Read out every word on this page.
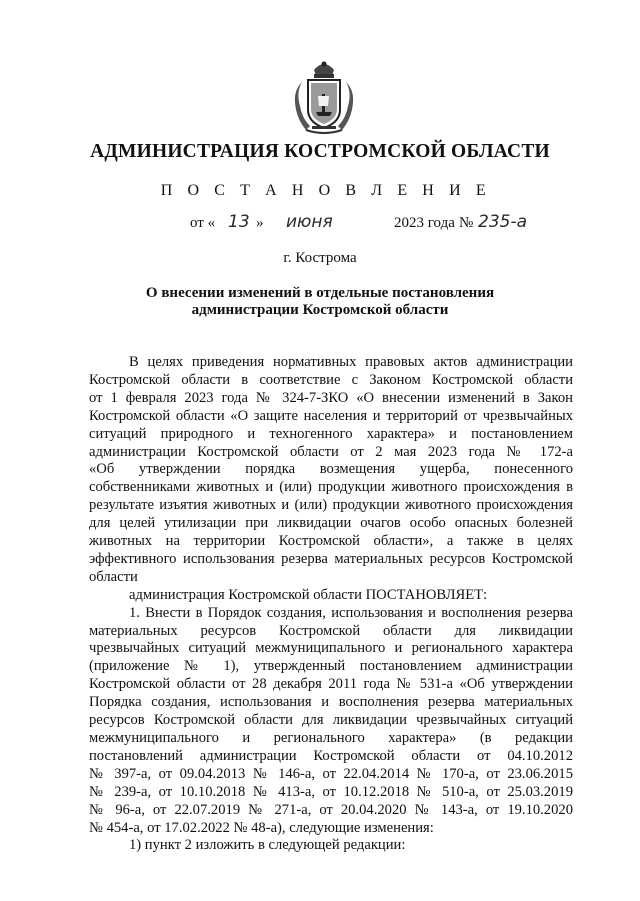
АДМИНИСТРАЦИЯ КОСТРОМСКОЙ ОБЛАСТИ
П О С Т А Н О В Л Е Н И Е
от « 13 » июня	2023 года № 235-а
г. Кострома
О внесении изменений в отдельные постановления
администрации Костромской области
В целях приведения нормативных правовых актов администрации
Костромской области в соответствие с Законом Костромской области
от 1 февраля 2023 года № 324-7-ЗКО «О внесении изменений в Закон
Костромской области «О защите населения и территорий от чрезвычайных
ситуаций природного и техногенного характера» и постановлением
администрации Костромской области от 2 мая 2023 года № 172-а
«Об утверждении порядка возмещения ущерба, понесенного
собственниками животных и (или) продукции животного происхождения в
результате изъятия животных и (или) продукции животного происхождения
для целей утилизации при ликвидации очагов особо опасных болезней
животных на территории Костромской области», а также в целях
эффективного использования резерва материальных ресурсов Костромской
области
администрация Костромской области ПОСТАНОВЛЯЕТ:
1. Внести в Порядок создания, использования и восполнения резерва
материальных ресурсов Костромской области для ликвидации
чрезвычайных ситуаций межмуниципального и регионального характера
(приложение № 1), утвержденный постановлением администрации
Костромской области от 28 декабря 2011 года № 531-а «Об утверждении
Порядка создания, использования и восполнения резерва материальных
ресурсов Костромской области для ликвидации чрезвычайных ситуаций
межмуниципального и регионального характера» (в редакции
постановлений администрации Костромской области от 04.10.2012
№ 397-а, от 09.04.2013 № 146-а, от 22.04.2014 № 170-а, от 23.06.2015
№ 239-а, от 10.10.2018 № 413-а, от 10.12.2018 № 510-а, от 25.03.2019
№ 96-а, от 22.07.2019 № 271-а, от 20.04.2020 № 143-а, от 19.10.2020
№ 454-а, от 17.02.2022 № 48-а), следующие изменения:
1) пункт 2 изложить в следующей редакции:
